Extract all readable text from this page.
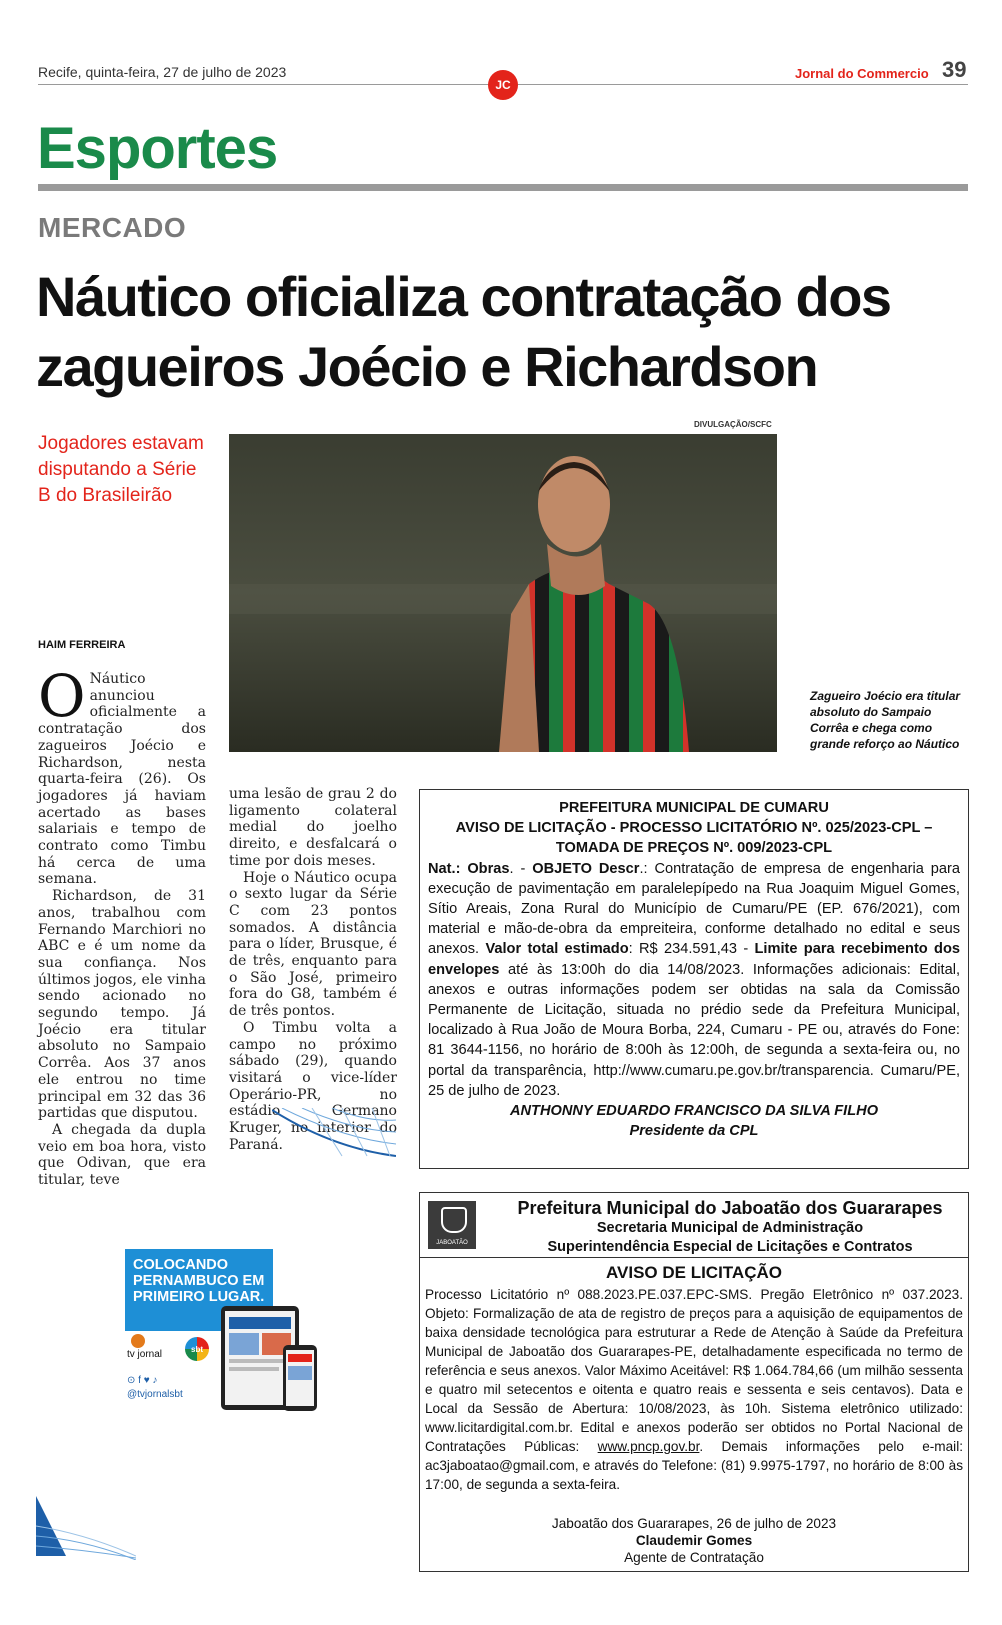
Recife, quinta-feira, 27 de julho de 2023
JC
Jornal do Commercio 39
Esportes
MERCADO
Náutico oficializa contratação dos
zagueiros Joécio e Richardson
Jogadores estavam disputando a Série B do Brasileirão
DIVULGAÇÃO/SCFC
Zagueiro Joécio era titular absoluto do Sampaio Corrêa e chega como grande reforço ao Náutico
HAIM FERREIRA

O Náutico anunciou oficialmente a contratação dos zagueiros Joécio e Richardson, nesta quarta-feira (26). Os jogadores já haviam acertado as bases salariais e tempo de contrato como Timbu há cerca de uma semana.

Richardson, de 31 anos, trabalhou com Fernando Marchiori no ABC e é um nome da sua confiança. Nos últimos jogos, ele vinha sendo acionado no segundo tempo. Já Joécio era titular absoluto no Sampaio Corrêa. Aos 37 anos ele entrou no time principal em 32 das 36 partidas que disputou.

A chegada da dupla veio em boa hora, visto que Odivan, que era titular, teve

uma lesão de grau 2 do ligamento colateral medial do joelho direito, e desfalcará o time por dois meses.

Hoje o Náutico ocupa o sexto lugar da Série C com 23 pontos somados. A distância para o líder, Brusque, é de três, enquanto para o São José, primeiro fora do G8, também é de três pontos.

O Timbu volta a campo no próximo sábado (29), quando visitará o vice-líder Operário-PR, no estádio Germano Kruger, no interior do Paraná.

PREFEITURA MUNICIPAL DE CUMARU
AVISO DE LICITAÇÃO - PROCESSO LICITATÓRIO Nº. 025/2023-CPL –
TOMADA DE PREÇOS Nº. 009/2023-CPL
Nat.: Obras. - OBJETO Descr.: Contratação de empresa de engenharia para execução de pavimentação em paralelepípedo na Rua Joaquim Miguel Gomes, Sítio Areais, Zona Rural do Município de Cumaru/PE (EP. 676/2021), com material e mão-de-obra da empreiteira, conforme detalhado no edital e seus anexos. Valor total estimado: R$ 234.591,43 - Limite para recebimento dos envelopes até às 13:00h do dia 14/08/2023. Informações adicionais: Edital, anexos e outras informações podem ser obtidas na sala da Comissão Permanente de Licitação, situada no prédio sede da Prefeitura Municipal, localizado à Rua João de Moura Borba, 224, Cumaru - PE ou, através do Fone: 81 3644-1156, no horário de 8:00h às 12:00h, de segunda a sexta-feira ou, no portal da transparência, http://www.cumaru.pe.gov.br/transparencia. Cumaru/PE, 25 de julho de 2023.
ANTHONNY EDUARDO FRANCISCO DA SILVA FILHO
Presidente da CPL
JABOATÃO
Prefeitura Municipal do Jaboatão dos Guararapes
Secretaria Municipal de Administração
Superintendência Especial de Licitações e Contratos
AVISO DE LICITAÇÃO
Processo Licitatório nº 088.2023.PE.037.EPC-SMS. Pregão Eletrônico nº 037.2023. Objeto: Formalização de ata de registro de preços para a aquisição de equipamentos de baixa densidade tecnológica para estruturar a Rede de Atenção à Saúde da Prefeitura Municipal de Jaboatão dos Guararapes-PE, detalhadamente especificada no termo de referência e seus anexos. Valor Máximo Aceitável: R$ 1.064.784,66 (um milhão sessenta e quatro mil setecentos e oitenta e quatro reais e sessenta e seis centavos). Data e Local da Sessão de Abertura: 10/08/2023, às 10h. Sistema eletrônico utilizado: www.licitardigital.com.br. Edital e anexos poderão ser obtidos no Portal Nacional de Contratações Públicas: www.pncp.gov.br. Demais informações pelo e-mail: ac3jaboatao@gmail.com, e através do Telefone: (81) 9.9975-1797, no horário de 8:00 às 17:00, de segunda a sexta-feira.
Jaboatão dos Guararapes, 26 de julho de 2023
Claudemir Gomes
Agente de Contratação
COLOCANDO PERNAMBUCO EM PRIMEIRO LUGAR.
tv jornal	sbt
⊙ f ♥ ♪
@tvjornalsbt
